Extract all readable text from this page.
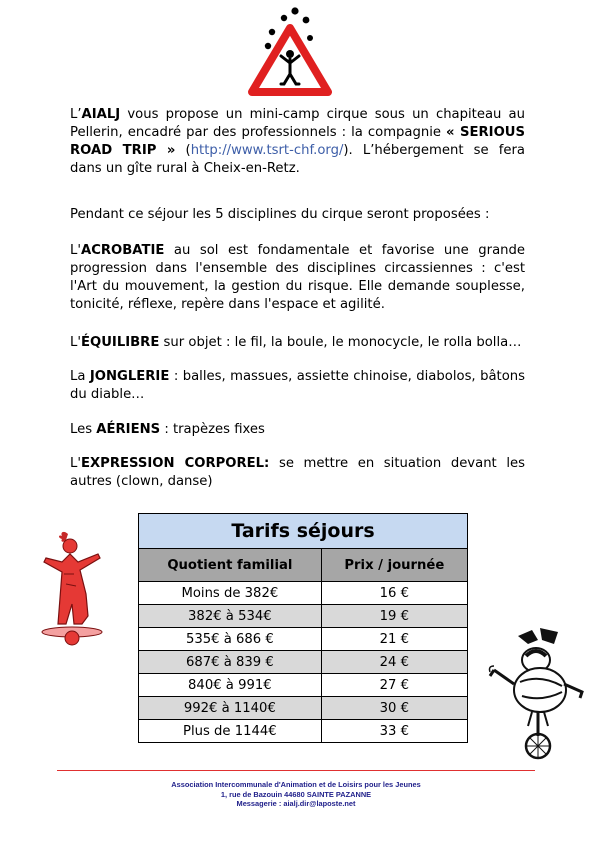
L’AIALJ vous propose un mini-camp cirque sous un chapiteau au Pellerin, encadré par des professionnels : la compagnie « SERIOUS ROAD TRIP » (http://www.tsrt-chf.org/). L’hébergement se fera dans un gîte rural à Cheix-en-Retz.

Pendant ce séjour les 5 disciplines du cirque seront proposées :

L'ACROBATIE au sol est fondamentale et favorise une grande progression dans l'ensemble des disciplines circassiennes : c'est l'Art du mouvement, la gestion du risque. Elle demande souplesse, tonicité, réflexe, repère dans l'espace et agilité.

L'ÉQUILIBRE sur objet : le fil, la boule, le monocycle, le rolla bolla…

La JONGLERIE : balles, massues, assiette chinoise, diabolos, bâtons du diable…

Les AÉRIENS : trapèzes fixes

L'EXPRESSION CORPOREL: se mettre en situation devant les autres (clown, danse)

Tarifs séjours	
Quotient familial	Prix / journée
Moins de 382€	16 €
382€ à 534€	19 €
535€ à 686 €	21 €
687€ à 839 €	24 €
840€ à 991€	27 €
992€ à 1140€	30 €
Plus de 1144€	33 €
Association Intercommunale d'Animation et de Loisirs pour les Jeunes
1, rue de Bazouin 44680 SAINTE PAZANNE
Messagerie : aialj.dir@laposte.net
